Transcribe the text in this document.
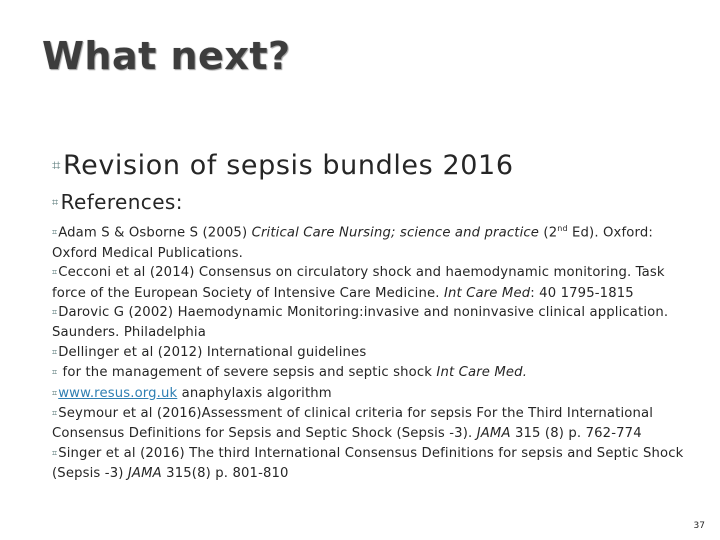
What next?
⌗Revision of sepsis bundles 2016
⌗ References:

⌗Adam S & Osborne S (2005) Critical Care Nursing; science and practice (2nd Ed). Oxford: Oxford Medical Publications.

⌗Cecconi et al (2014) Consensus on circulatory shock and haemodynamic monitoring. Task force of the European Society of Intensive Care Medicine. Int Care Med: 40 1795-1815

⌗Darovic G (2002) Haemodynamic Monitoring:invasive and noninvasive clinical application. Saunders. Philadelphia

⌗Dellinger et al (2012) International guidelines

⌗ for the management of severe sepsis and septic shock Int Care Med.

⌗www.resus.org.uk anaphylaxis algorithm

⌗Seymour et al (2016)Assessment of clinical criteria for sepsis For the Third International Consensus Definitions for Sepsis and Septic Shock (Sepsis -3). JAMA 315 (8) p. 762-774

⌗Singer et al (2016) The third International Consensus Definitions for sepsis and Septic Shock (Sepsis -3) JAMA 315(8) p. 801-810

37
